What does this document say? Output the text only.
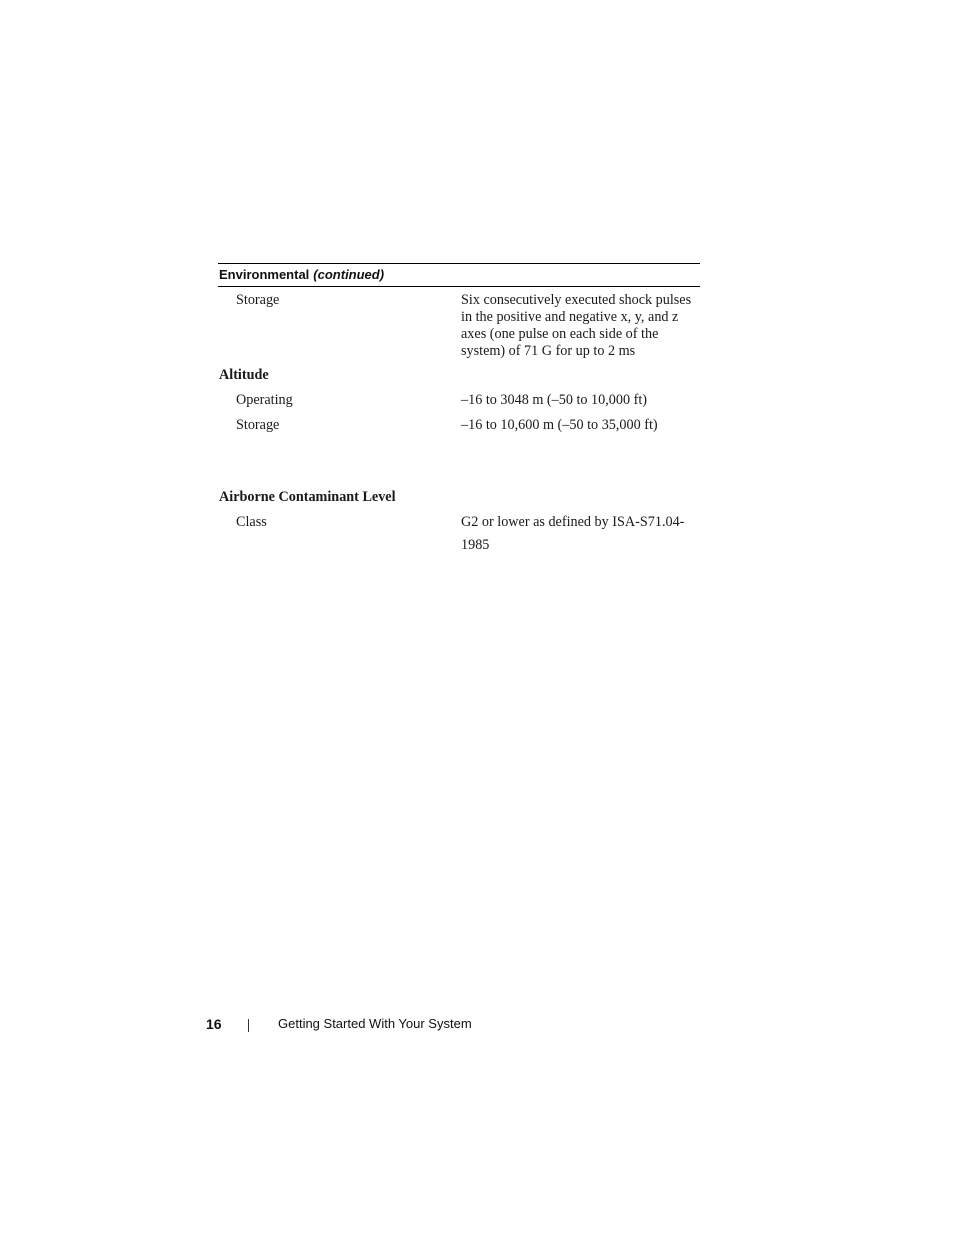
Environmental (continued)
Storage	Six consecutively executed shock pulses in the positive and negative x, y, and z axes (one pulse on each side of the system) of 71 G for up to 2 ms
Altitude
Operating	–16 to 3048 m (–50 to 10,000 ft)
Storage	–16 to 10,600 m (–50 to 35,000 ft)
Airborne Contaminant Level
Class	G2 or lower as defined by ISA-S71.04-
1985
16	Getting Started With Your System
